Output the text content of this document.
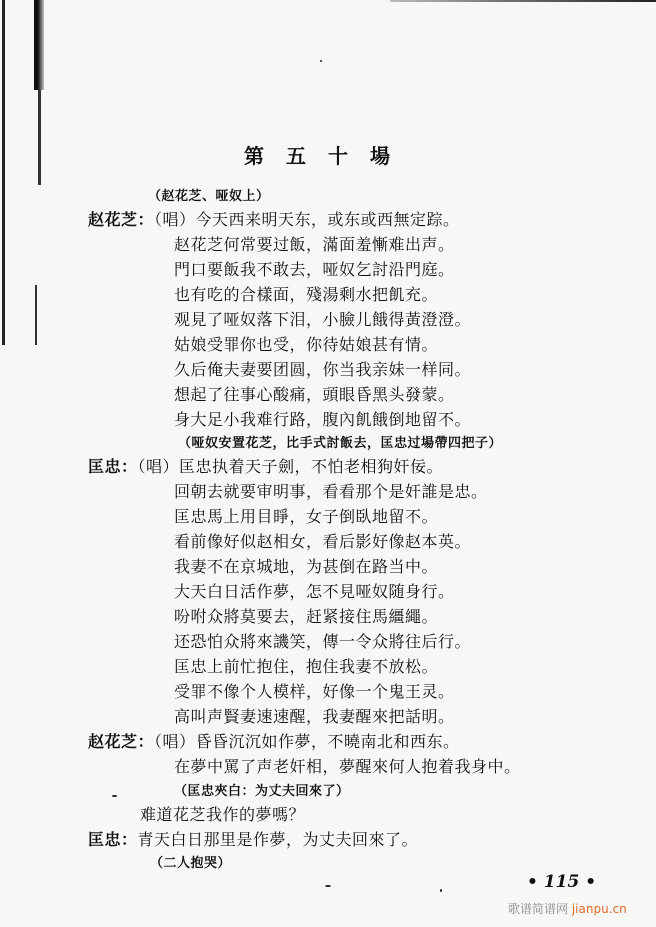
第五十場
（赵花芝、哑奴上）
赵花芝：（唱）今天西来明天东，或东或西無定踪。
赵花芝何常要过飯，滿面羞慚难出声。
門口要飯我不敢去，哑奴乞討沿門庭。
也有吃的合樣面，殘湯剩水把飢充。
观見了哑奴落下泪，小臉儿餓得黃澄澄。
姑娘受罪你也受，你待姑娘甚有情。
久后俺夫妻要团圆，你当我亲妹一样同。
想起了往事心酸痛，頭眼昏黑头發蒙。
身大足小我难行路，腹內飢餓倒地留不。
（哑奴安置花芝，比手式討飯去，匡忠过場帶四把子）
匡忠：（唱）匡忠执着天子劍，不怕老相狗奸佞。
回朝去就要审明事，看看那个是奸誰是忠。
匡忠馬上用目睜，女子倒臥地留不。
看前像好似赵相女，看后影好像赵本英。
我妻不在京城地，为甚倒在路当中。
大天白日活作夢，怎不見哑奴随身行。
吩咐众將莫要去，赶紧接住馬繮繩。
还恐怕众將來譏笑，傳一令众將往后行。
匡忠上前忙抱住，抱住我妻不放松。
受罪不像个人模样，好像一个鬼王灵。
高叫声賢妻速速醒，我妻醒來把話明。
赵花芝：（唱）昏昏沉沉如作夢，不曉南北和西东。
在夢中罵了声老奸相，夢醒來何人抱着我身中。
（匡忠夾白：为丈夫回來了）
难道花芝我作的夢嗎？
匡忠：青天白日那里是作夢，为丈夫回來了。
（二人抱哭）
• 115 •
歌谱简谱网 jianpu.cn
